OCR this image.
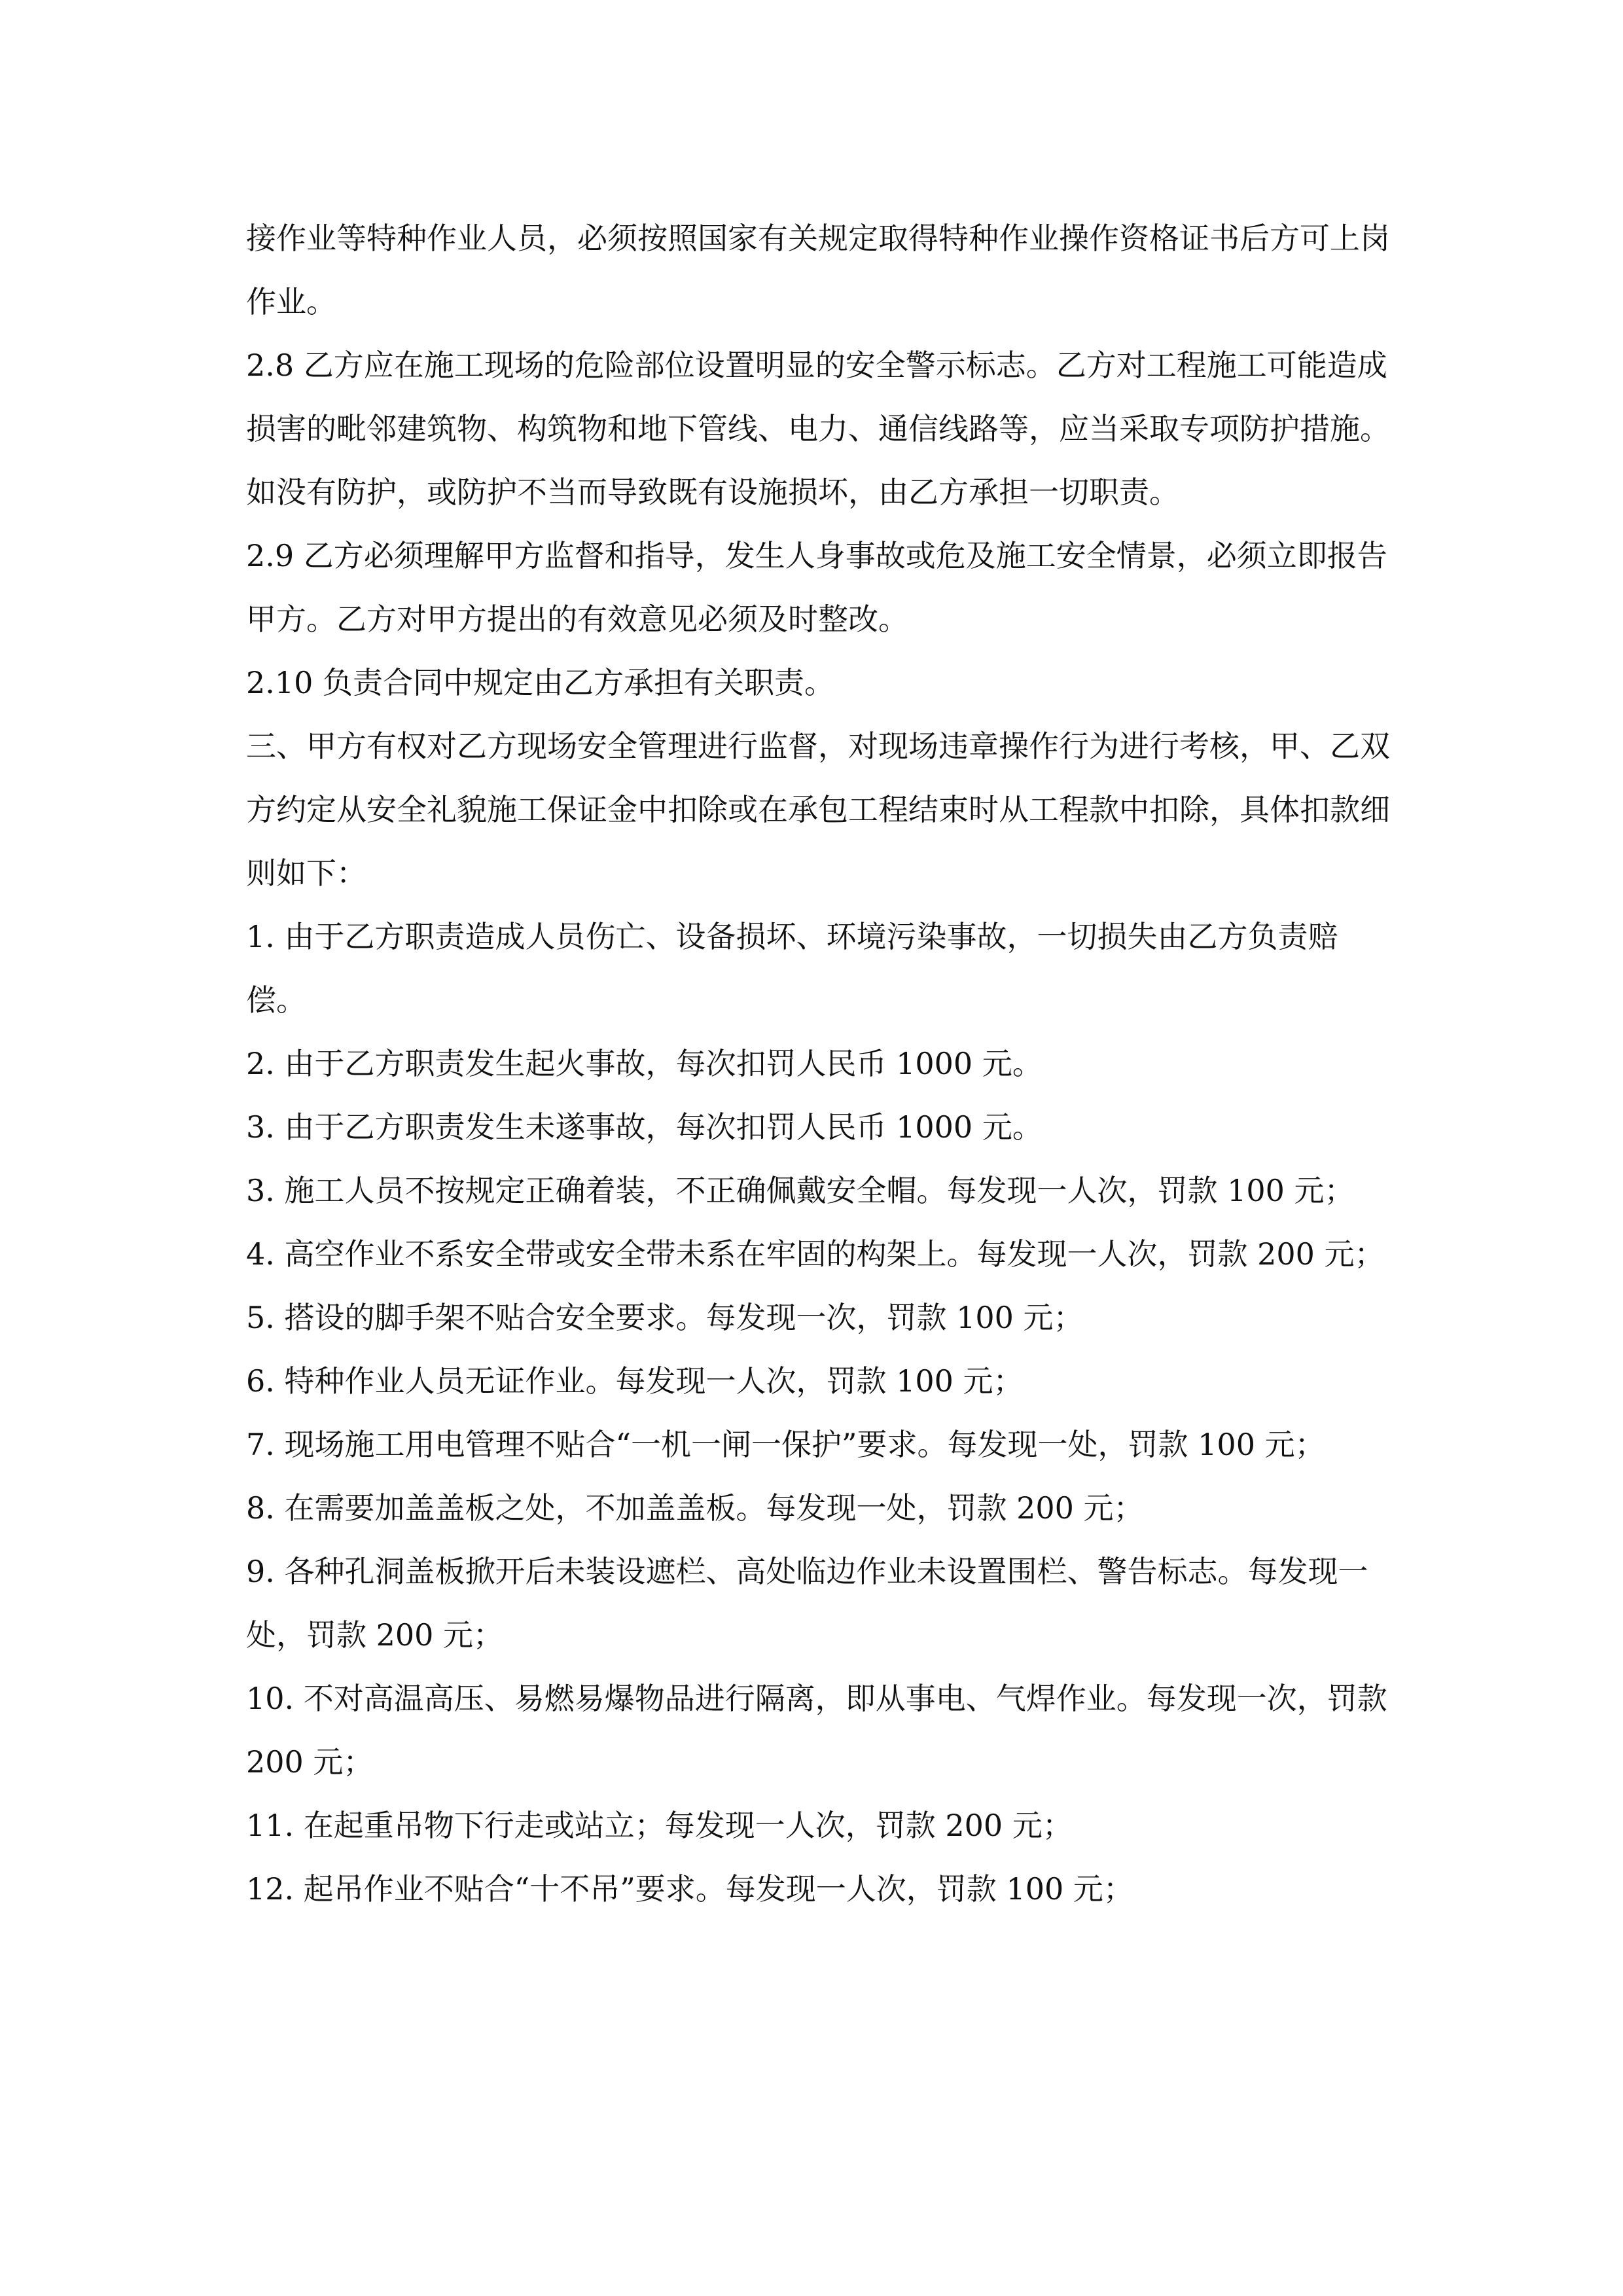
接作业等特种作业人员，必须按照国家有关规定取得特种作业操作资格证书后方可上岗作业。

2.8 乙方应在施工现场的危险部位设置明显的安全警示标志。乙方对工程施工可能造成损害的毗邻建筑物、构筑物和地下管线、电力、通信线路等，应当采取专项防护措施。如没有防护，或防护不当而导致既有设施损坏，由乙方承担一切职责。

2.9 乙方必须理解甲方监督和指导，发生人身事故或危及施工安全情景，必须立即报告甲方。乙方对甲方提出的有效意见必须及时整改。

2.10 负责合同中规定由乙方承担有关职责。

三、甲方有权对乙方现场安全管理进行监督，对现场违章操作行为进行考核，甲、乙双方约定从安全礼貌施工保证金中扣除或在承包工程结束时从工程款中扣除，具体扣款细则如下：

1. 由于乙方职责造成人员伤亡、设备损坏、环境污染事故，一切损失由乙方负责赔偿。

2. 由于乙方职责发生起火事故，每次扣罚人民币 1000 元。

3. 由于乙方职责发生未遂事故，每次扣罚人民币 1000 元。

3. 施工人员不按规定正确着装，不正确佩戴安全帽。每发现一人次，罚款 100 元；

4. 高空作业不系安全带或安全带未系在牢固的构架上。每发现一人次，罚款 200 元；

5. 搭设的脚手架不贴合安全要求。每发现一次，罚款 100 元；

6. 特种作业人员无证作业。每发现一人次，罚款 100 元；

7. 现场施工用电管理不贴合“一机一闸一保护”要求。每发现一处，罚款 100 元；

8. 在需要加盖盖板之处，不加盖盖板。每发现一处，罚款 200 元；

9. 各种孔洞盖板掀开后未装设遮栏、高处临边作业未设置围栏、警告标志。每发现一处，罚款 200 元；

10. 不对高温高压、易燃易爆物品进行隔离，即从事电、气焊作业。每发现一次，罚款 200 元；

11. 在起重吊物下行走或站立；每发现一人次，罚款 200 元；

12. 起吊作业不贴合“十不吊”要求。每发现一人次，罚款 100 元；
